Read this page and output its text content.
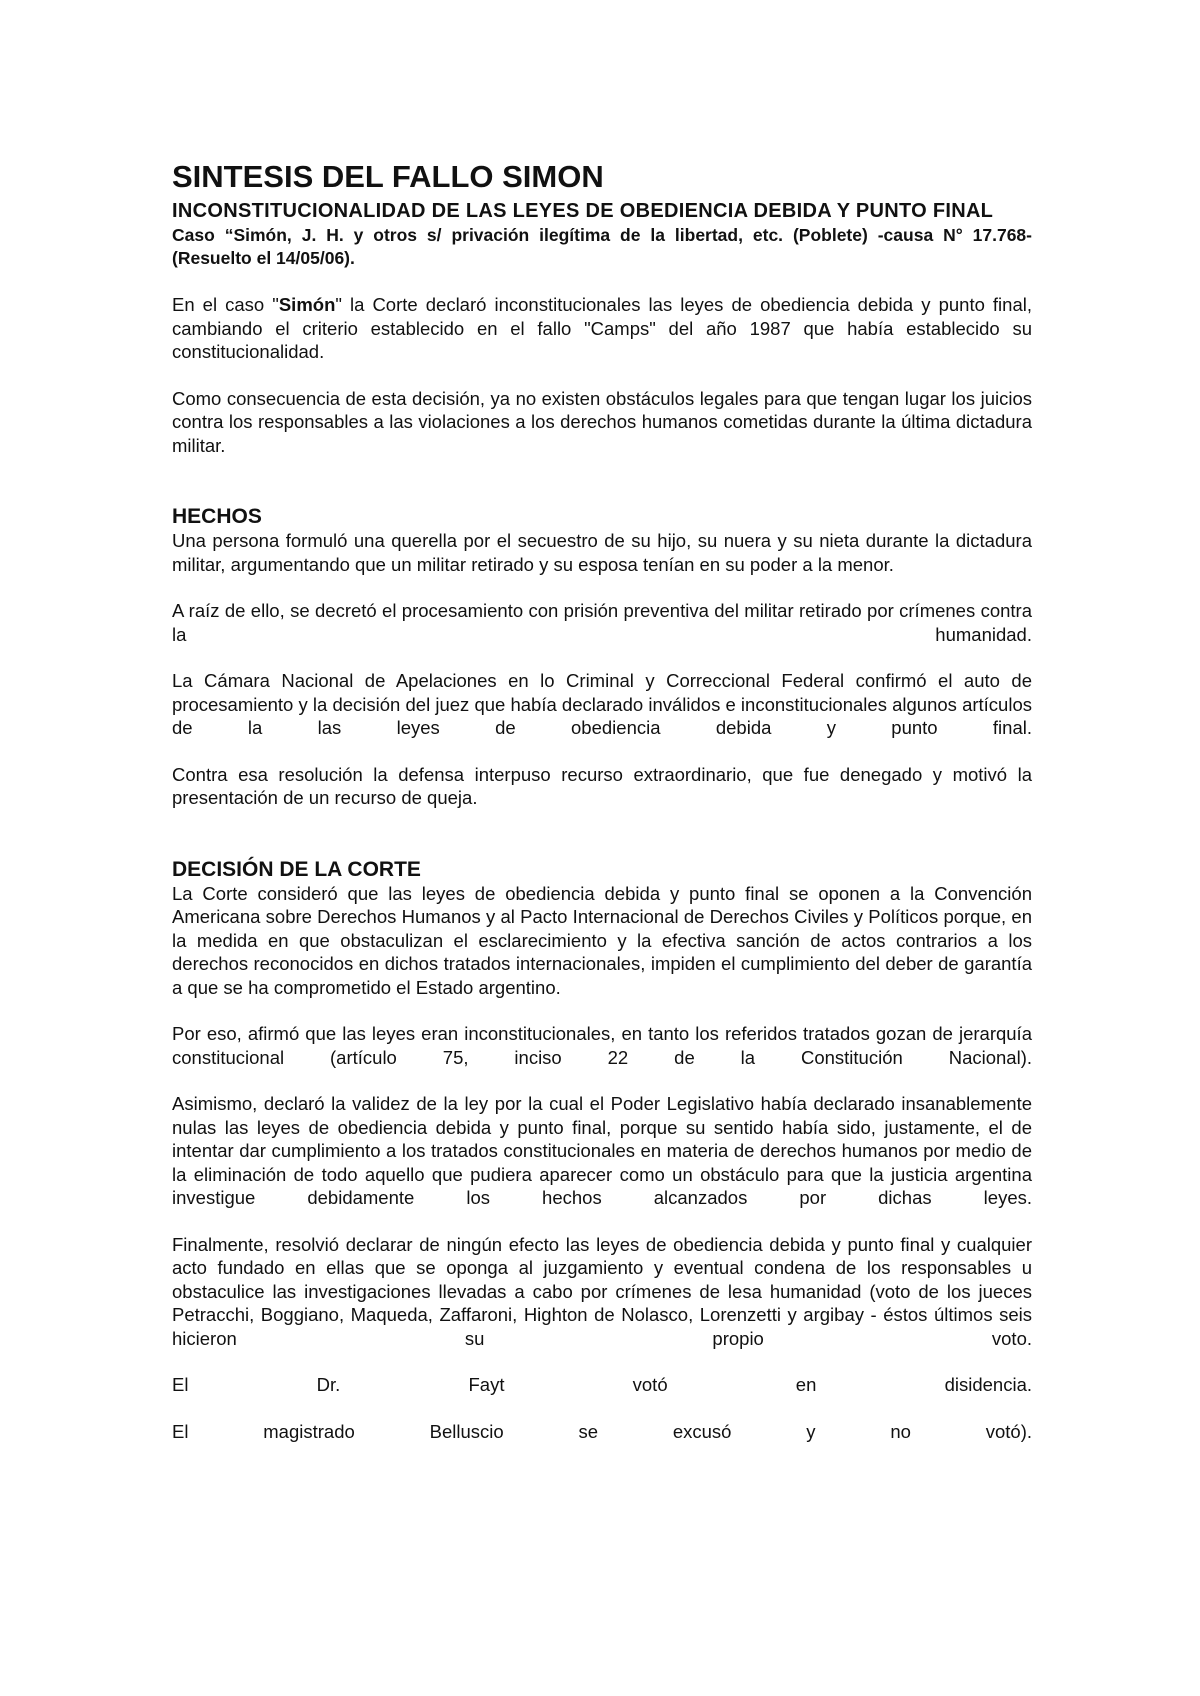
SINTESIS DEL FALLO SIMON
INCONSTITUCIONALIDAD DE LAS LEYES DE OBEDIENCIA DEBIDA Y PUNTO FINAL

Caso “Simón, J. H. y otros s/ privación ilegítima de la libertad, etc. (Poblete) -causa N° 17.768- (Resuelto el 14/05/06).

En el caso "Simón" la Corte declaró inconstitucionales las leyes de obediencia debida y punto final, cambiando el criterio establecido en el fallo "Camps" del año 1987 que había establecido su constitucionalidad.

Como consecuencia de esta decisión, ya no existen obstáculos legales para que tengan lugar los juicios contra los responsables a las violaciones a los derechos humanos cometidas durante la última dictadura militar.

HECHOS

Una persona formuló una querella por el secuestro de su hijo, su nuera y su nieta durante la dictadura militar, argumentando que un militar retirado y su esposa tenían en su poder a la menor.

A raíz de ello, se decretó el procesamiento con prisión preventiva del militar retirado por crímenes contra la humanidad.

La Cámara Nacional de Apelaciones en lo Criminal y Correccional Federal confirmó el auto de procesamiento y la decisión del juez que había declarado inválidos e inconstitucionales algunos artículos de la las leyes de obediencia debida y punto final.

Contra esa resolución la defensa interpuso recurso extraordinario, que fue denegado y motivó la presentación de un recurso de queja.

DECISIÓN DE LA CORTE

La Corte consideró que las leyes de obediencia debida y punto final se oponen a la Convención Americana sobre Derechos Humanos y al Pacto Internacional de Derechos Civiles y Políticos porque, en la medida en que obstaculizan el esclarecimiento y la efectiva sanción de actos contrarios a los derechos reconocidos en dichos tratados internacionales, impiden el cumplimiento del deber de garantía a que se ha comprometido el Estado argentino.

Por eso, afirmó que las leyes eran inconstitucionales, en tanto los referidos tratados gozan de jerarquía constitucional (artículo 75, inciso 22 de la Constitución Nacional).

Asimismo, declaró la validez de la ley por la cual el Poder Legislativo había declarado insanablemente nulas las leyes de obediencia debida y punto final, porque su sentido había sido, justamente, el de intentar dar cumplimiento a los tratados constitucionales en materia de derechos humanos por medio de la eliminación de todo aquello que pudiera aparecer como un obstáculo para que la justicia argentina investigue debidamente los hechos alcanzados por dichas leyes.

Finalmente, resolvió declarar de ningún efecto las leyes de obediencia debida y punto final y cualquier acto fundado en ellas que se oponga al juzgamiento y eventual condena de los responsables u obstaculice las investigaciones llevadas a cabo por crímenes de lesa humanidad (voto de los jueces Petracchi, Boggiano, Maqueda, Zaffaroni, Highton de Nolasco, Lorenzetti y argibay - éstos últimos seis hicieron su propio voto.

El Dr. Fayt votó en disidencia.

El magistrado Belluscio se excusó y no votó).
